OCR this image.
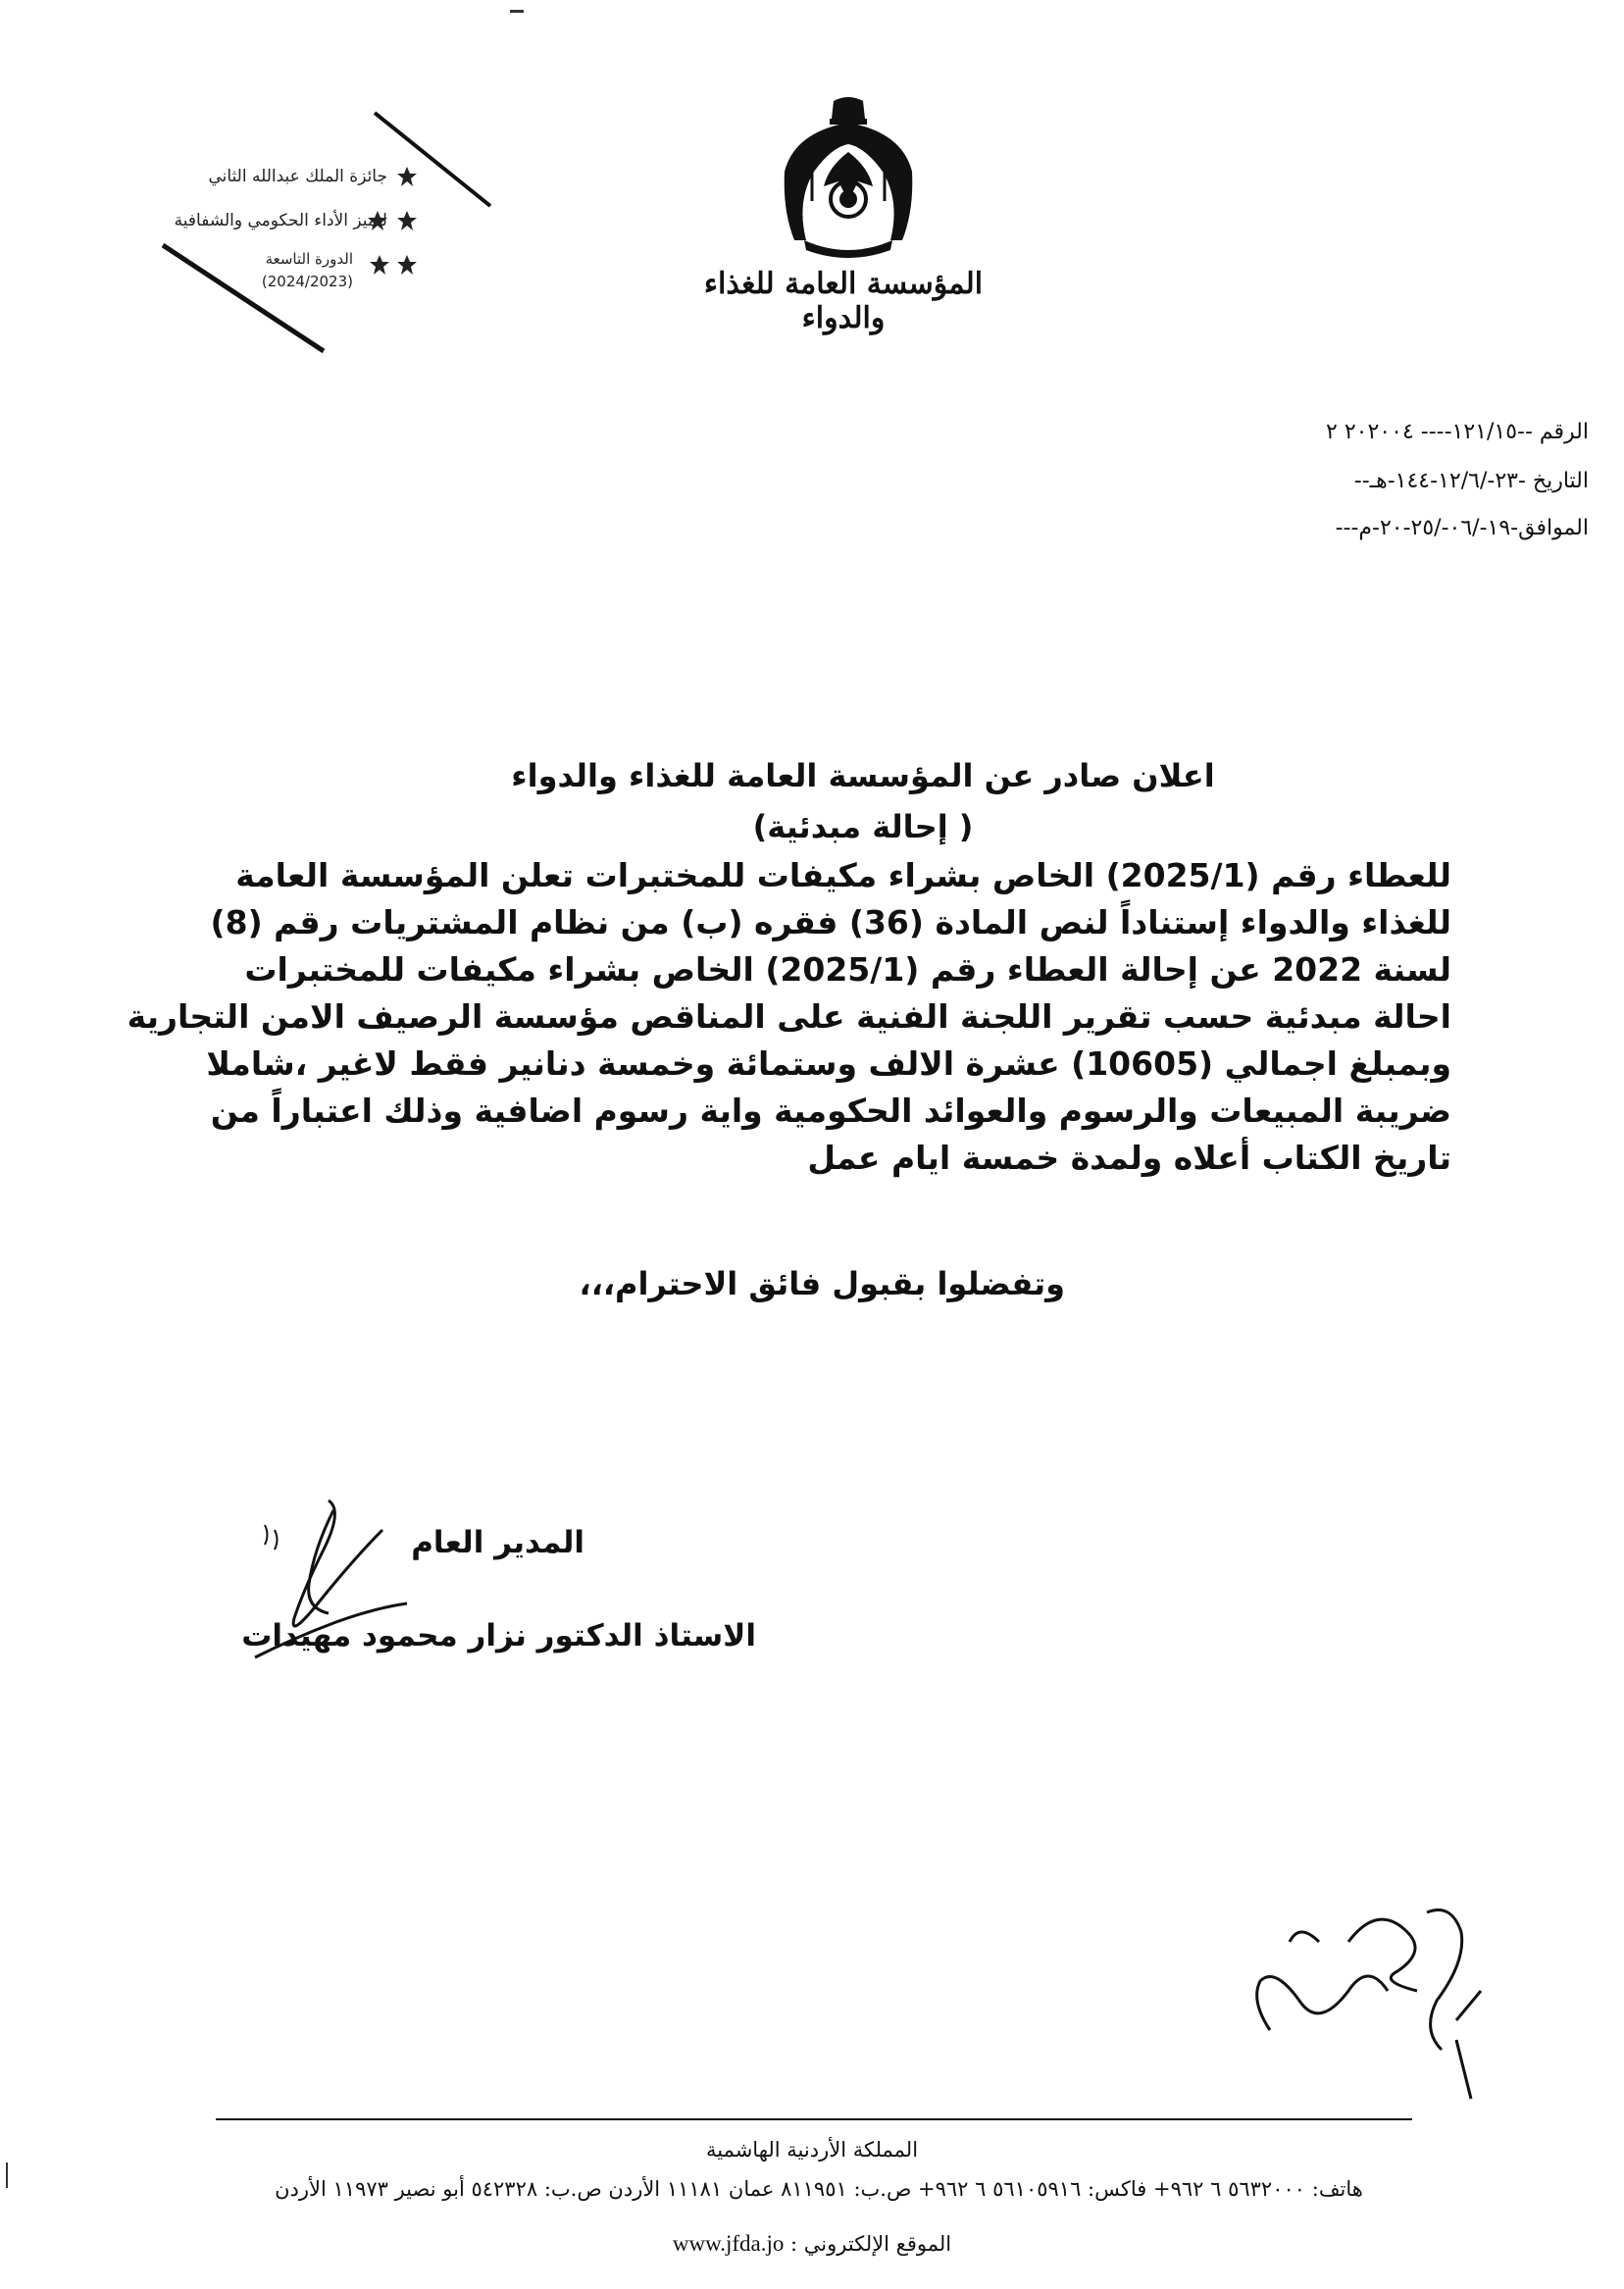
جائزة الملك عبدالله الثاني
لتميز الأداء الحكومي والشفافية
الدورة التاسعة
(2024/2023)	المؤسسة العامة للغذاء والدواء
الرقم --١٢١/١٥---- ٢٠٢٠٠٤ ٢
التاريخ -٢٣-/١٢/٦-١٤٤-هـ--
الموافق-١٩-/٠٦-/٢٥-٢٠-م---

اعلان صادر عن المؤسسة العامة للغذاء والدواء

( إحالة مبدئية)

للعطاء رقم (2025/1) الخاص بشراء مكيفات للمختبرات تعلن المؤسسة العامة

للغذاء والدواء إستناداً لنص المادة (36) فقره (ب) من نظام المشتريات رقم (8)

لسنة 2022 عن إحالة العطاء رقم (2025/1) الخاص بشراء مكيفات للمختبرات

احالة مبدئية حسب تقرير اللجنة الفنية على المناقص مؤسسة الرصيف الامن التجارية

وبمبلغ اجمالي (10605) عشرة الالف وستمائة وخمسة دنانير فقط لاغير ،شاملا

ضريبة المبيعات والرسوم والعوائد الحكومية واية رسوم اضافية وذلك اعتباراً من

تاريخ الكتاب أعلاه ولمدة خمسة ايام عمل

وتفضلوا بقبول فائق الاحترام،،،
المدير العام
الاستاذ الدكتور نزار محمود مهيدات
المملكة الأردنية الهاشمية
هاتف: ٥٦٣٢٠٠٠ ٦ ٩٦٢+ فاكس: ٥٦١٠٥٩١٦ ٦ ٩٦٢+ ص.ب: ٨١١٩٥١ عمان ١١١٨١ الأردن ص.ب: ٥٤٢٣٢٨ أبو نصير ١١٩٧٣ الأردن
الموقع الإلكتروني : www.jfda.jo
